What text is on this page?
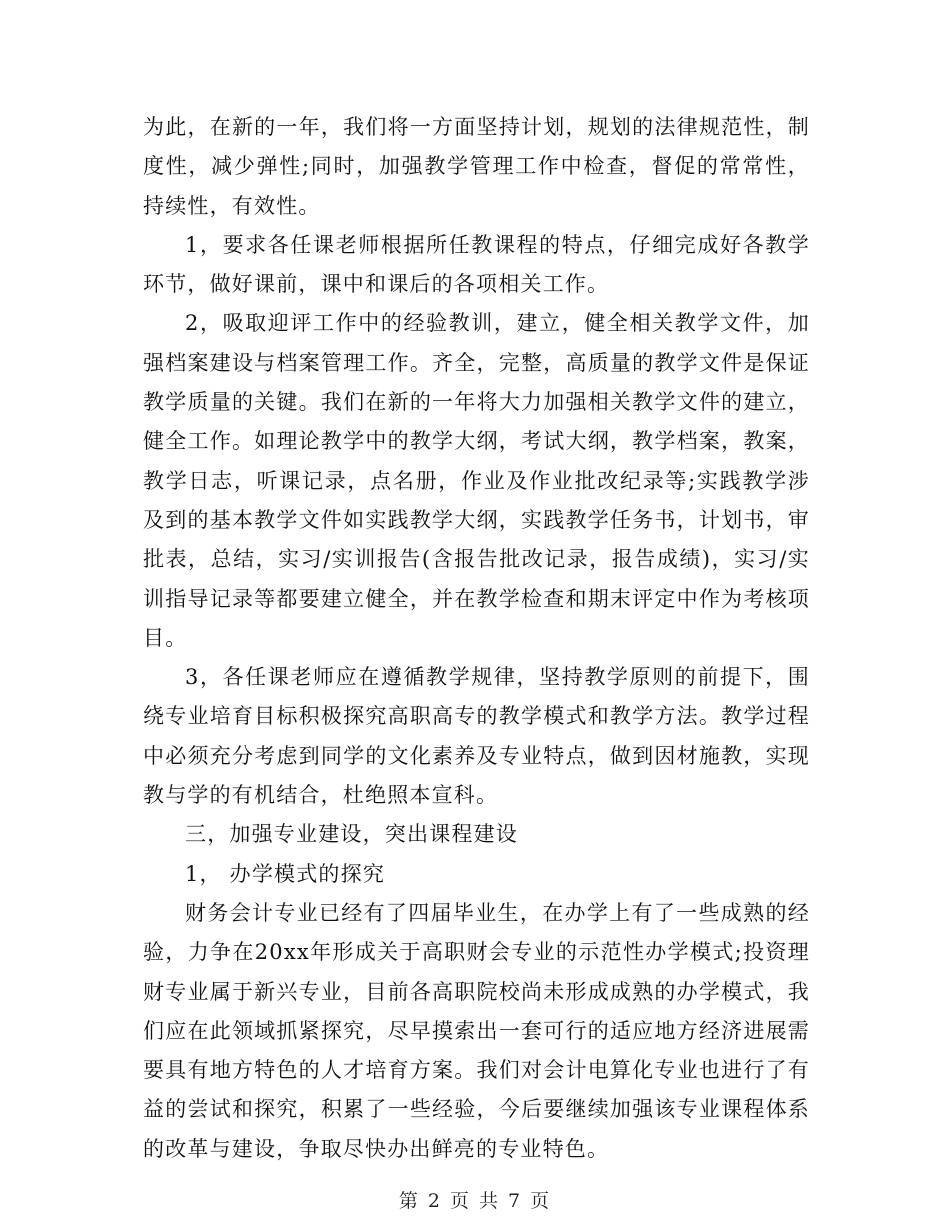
为此，在新的一年，我们将一方面坚持计划，规划的法律规范性，制度性，减少弹性;同时，加强教学管理工作中检查，督促的常常性，持续性，有效性。

1，要求各任课老师根据所任教课程的特点，仔细完成好各教学环节，做好课前，课中和课后的各项相关工作。

2，吸取迎评工作中的经验教训，建立，健全相关教学文件，加强档案建设与档案管理工作。齐全，完整，高质量的教学文件是保证教学质量的关键。我们在新的一年将大力加强相关教学文件的建立，健全工作。如理论教学中的教学大纲，考试大纲，教学档案，教案，教学日志，听课记录，点名册，作业及作业批改纪录等;实践教学涉及到的基本教学文件如实践教学大纲，实践教学任务书，计划书，审批表，总结，实习/实训报告(含报告批改记录，报告成绩)，实习/实训指导记录等都要建立健全，并在教学检查和期末评定中作为考核项目。

3，各任课老师应在遵循教学规律，坚持教学原则的前提下，围绕专业培育目标积极探究高职高专的教学模式和教学方法。教学过程中必须充分考虑到同学的文化素养及专业特点，做到因材施教，实现教与学的有机结合，杜绝照本宣科。

三，加强专业建设，突出课程建设

1， 办学模式的探究

财务会计专业已经有了四届毕业生，在办学上有了一些成熟的经验，力争在20xx年形成关于高职财会专业的示范性办学模式;投资理财专业属于新兴专业，目前各高职院校尚未形成成熟的办学模式，我们应在此领域抓紧探究，尽早摸索出一套可行的适应地方经济进展需要具有地方特色的人才培育方案。我们对会计电算化专业也进行了有益的尝试和探究，积累了一些经验，今后要继续加强该专业课程体系的改革与建设，争取尽快办出鲜亮的专业特色。

第 2 页 共 7 页
